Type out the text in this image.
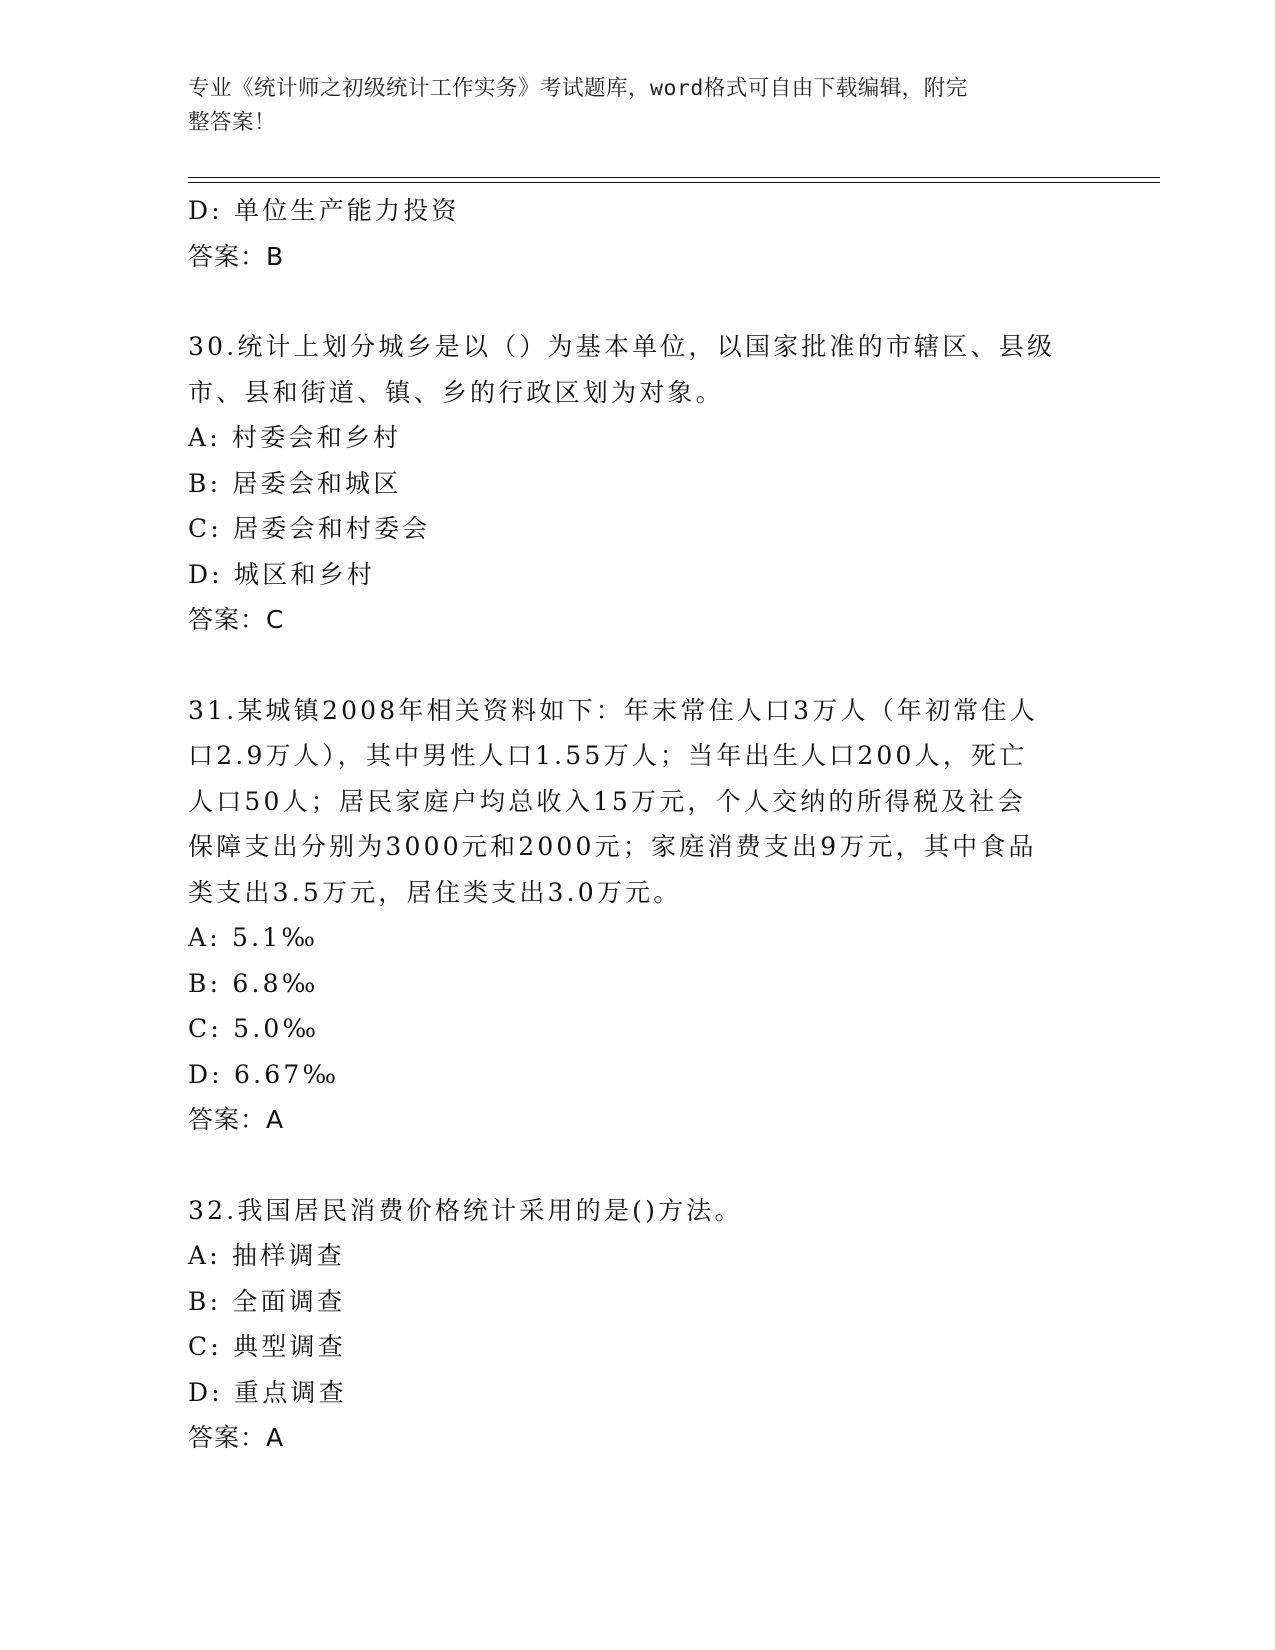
专业《统计师之初级统计工作实务》考试题库，word格式可自由下载编辑，附完
整答案！
D: 单位生产能力投资
答案：B
30.统计上划分城乡是以（）为基本单位，以国家批准的市辖区、县级
市、县和街道、镇、乡的行政区划为对象。
A: 村委会和乡村
B: 居委会和城区
C: 居委会和村委会
D: 城区和乡村
答案：C
31.某城镇2008年相关资料如下：年末常住人口3万人（年初常住人
口2.9万人），其中男性人口1.55万人；当年出生人口200人，死亡
人口50人；居民家庭户均总收入15万元，个人交纳的所得税及社会
保障支出分别为3000元和2000元；家庭消费支出9万元，其中食品
类支出3.5万元，居住类支出3.0万元。
A: 5.1‰
B: 6.8‰
C: 5.0‰
D: 6.67‰
答案：A
32.我国居民消费价格统计采用的是()方法。
A: 抽样调查
B: 全面调查
C: 典型调查
D: 重点调查
答案：A
